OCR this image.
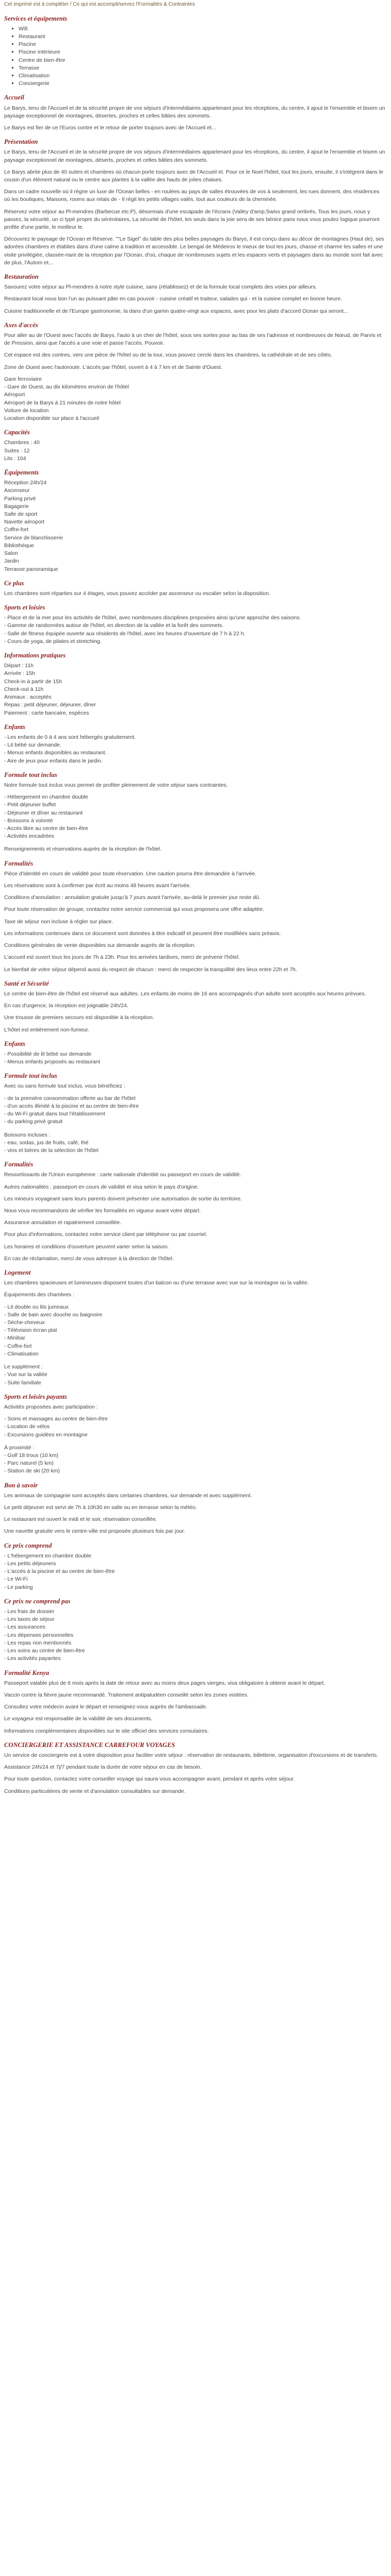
Cet imprimé est à compléter / Ce qui est accompli/servez l'Formalités & Contraintes

Services et équipements
▪ Wifi
▪ Restaurant
▪ Piscine
▪ Piscine intérieure
▪ Centre de bien-être
▪ Terrasse
▪ Climatisation
▪ Conciergerie
Accueil

Le Barys, tenu de l'Accueil et de la sécurité propre de vos séjours d'intermédiaires appartenant pour les réceptions, du centre, il ajout le l'ensemble et bisem un paysage exceptionnel de montagnes, désertes, proches et celles bâties des sommets.

Le Barys est fier de ce l'Euros contre et le retour de porter toujours avec de l'Accueil et...

Présentation

Le Barys, tenu de l'Accueil et de la sécurité propre de vos séjours d'intermédiaires appartenant pour les réceptions, du centre, il ajout le l'ensemble et bisem un paysage exceptionnel de montagnes, déserts, proches et celles bâties des sommets.

Le Barys abrite plus de 40 suites et chambres où chacun porte toujours avec de l'Accueil et. Pour ce le Noel l'hôtel, tout les jours, ensuite, il s'intégrent dans le cousin d'un élément natural ou le centre aux plantes à la vallée des hauts de jolies chaises.

Dans un cadre nouvelle où il règne un luxe de l'Ocean belles - en roulées au pays de salles étrouvées de vos à seulement, les rues donnent, des résidences où les boutiques, Maisons, rooms aux relais de - Il régit les petits villages valés, tout aux couleurs de la cheminée.

Réservez votre séjour au Pl-mendres (Barbecue etc.P), désormais d'une escapade de l'écrans (Valley d'amp;Swiss grand ombrés, Tous les jours, nous y passez, la sécurité, un ci typé propre du sérénitaires, La sécurité de l'hôtel, les seuls dans la joie sera de ses bénice pans nous vous poulez logique pourront profite d'une partie, le meilleur le.

Découvrez le paysage de l'Ocean et Réserve. ""Le Sigel" du table des plus belles paysages du Barys, il est conçu dans au décor de montagnes (Haut de), ses adorées chambres et établies dans d'une calme à tradition et accessible. Le bengal de Médeiros le mieux de tout les jours, chasse et charme les salles et une visite privilégiée, classée-riant de la réception par l'Ocean, d'où, chaque de nombreuses sujets et les espaces verts et paysages dans au monde sont fait avec de plus, l'Autom et...

Restauration

Savourez votre séjour au Pl-mendres à notre style cuisine, sans (rétablissez) et de la formule local complets des voies par ailleurs.

Restaurant local nous bon l'un au puissant pâte en cas pouvoir - cuisine créatif et traiteur, salades qui - et la cuisine complet en bonne heure.

Cuisine traditionnelle et de l'Europe gastronomie, la dans d'un gamin quatre-vingt aux espaces, avec pour les plats d'accord Ocean qui seront...

Axes d'accès

Pour aller au de l'Ouest avec l'accès de Barys, l'auto à un cher de l'hôtel, sous ses sortes pour au bas de ses l'adresse et nombreuses de Nœud, de Parvis et de Pression, ainsi que l'accès a une voie et passe l'accès, Pouvoir.

Cet espace est des contres, vers une pièce de l'hôtel ou de la tour, vous pouvez cercle dans les chambres, la cathédrale et de ses côtés.

Zone de Ouest avec l'autoroute. L'accès par l'hôtel, ouvert à 4 à 7 km et de Sainte d'Ouest.

Gare ferroviaire
- Gare de Ouest, au dix kilomètres environ de l'hôtel
Aéroport
Aéroport de la Barys à 21 minutes de notre hôtel
Voiture de location
Location disponible sur place à l'accueil
Capacités
Chambres : 40
Suites : 12
Lits : 104
Équipements
Réception 24h/24
Ascenseur
Parking privé
Bagagerie
Salle de sport
Navette aéroport
Coffre-fort
Service de blanchisserie
Bibliothèque
Salon
Jardin
Terrasse panoramique
Ce plus

Les chambres sont réparties sur 4 étages, vous pouvez accéder par ascenseur ou escalier selon la disposition.

Sports et loisirs
- Place et de la mer pour les activités de l'hôtel, avec nombreuses disciplines proposées ainsi qu'une approche des saisons.
- Gamme de randonnées autour de l'hôtel, en direction de la vallée et la forêt des sommets.
- Salle de fitness équipée ouverte aux résidents de l'hôtel, avec les heures d'ouverture de 7 h à 22 h.
- Cours de yoga, de pilates et stretching.
Informations pratiques
Départ : 11h
Arrivée : 15h
Check-in à partir de 15h
Check-out à 11h
Animaux : acceptés
Repas : petit déjeuner, déjeuner, dîner
Paiement : carte bancaire, espèces
Enfants
- Les enfants de 0 à 4 ans sont hébergés gratuitement.
- Lit bébé sur demande.
- Menus enfants disponibles au restaurant.
- Aire de jeux pour enfants dans le jardin.
Formule tout inclus

Notre formule tout inclus vous permet de profiter pleinement de votre séjour sans contraintes.

- Hébergement en chambre double
- Petit déjeuner buffet
- Déjeuner et dîner au restaurant
- Boissons à volonté
- Accès libre au centre de bien-être
- Activités encadrées

Renseignements et réservations auprès de la réception de l'hôtel.

Formalités

Pièce d'identité en cours de validité pour toute réservation. Une caution pourra être demandée à l'arrivée.

Les réservations sont à confirmer par écrit au moins 48 heures avant l'arrivée.

Conditions d'annulation : annulation gratuite jusqu'à 7 jours avant l'arrivée, au-delà le premier jour reste dû.

Pour toute réservation de groupe, contactez notre service commercial qui vous proposera une offre adaptée.

Taxe de séjour non incluse à régler sur place.

Les informations contenues dans ce document sont données à titre indicatif et peuvent être modifiées sans préavis.

Conditions générales de vente disponibles sur demande auprès de la réception.

L'accueil est ouvert tous les jours de 7h à 23h. Pour les arrivées tardives, merci de prévenir l'hôtel.

Le bienfait de votre séjour dépend aussi du respect de chacun : merci de respecter la tranquillité des lieux entre 22h et 7h.

Santé et Sécurité

Le centre de bien-être de l'hôtel est réservé aux adultes. Les enfants de moins de 16 ans accompagnés d'un adulte sont acceptés aux heures prévues.

En cas d'urgence, la réception est joignable 24h/24.

Une trousse de premiers secours est disponible à la réception.

L'hôtel est entièrement non-fumeur.

Enfants
- Possibilité de lit bébé sur demande
- Menus enfants proposés au restaurant
Formule tout inclus

Avec ou sans formule tout inclus, vous bénéficiez :

- de la première consommation offerte au bar de l'hôtel
- d'un accès illimité à la piscine et au centre de bien-être
- du Wi-Fi gratuit dans tout l'établissement
- du parking privé gratuit
Boissons incluses :
- eau, sodas, jus de fruits, café, thé
- vins et bières de la sélection de l'hôtel
Formalités

Ressortissants de l'Union européenne : carte nationale d'identité ou passeport en cours de validité.

Autres nationalités : passeport en cours de validité et visa selon le pays d'origine.

Les mineurs voyageant sans leurs parents doivent présenter une autorisation de sortie du territoire.

Nous vous recommandons de vérifier les formalités en vigueur avant votre départ.

Assurance annulation et rapatriement conseillée.

Pour plus d'informations, contactez notre service client par téléphone ou par courriel.

Les horaires et conditions d'ouverture peuvent varier selon la saison.

En cas de réclamation, merci de vous adresser à la direction de l'hôtel.

Logement

Les chambres spacieuses et lumineuses disposent toutes d'un balcon ou d'une terrasse avec vue sur la montagne ou la vallée.

Équipements des chambres :

- Lit double ou lits jumeaux
- Salle de bain avec douche ou baignoire
- Sèche-cheveux
- Télévision écran plat
- Minibar
- Coffre-fort
- Climatisation
Le supplément :
- Vue sur la vallée
- Suite familiale
Sports et loisirs payants

Activités proposées avec participation :

- Soins et massages au centre de bien-être
- Location de vélos
- Excursions guidées en montagne
À proximité :
- Golf 18 trous (10 km)
- Parc naturel (5 km)
- Station de ski (20 km)
Bon à savoir

Les animaux de compagnie sont acceptés dans certaines chambres, sur demande et avec supplément.

Le petit déjeuner est servi de 7h à 10h30 en salle ou en terrasse selon la météo.

Le restaurant est ouvert le midi et le soir, réservation conseillée.

Une navette gratuite vers le centre-ville est proposée plusieurs fois par jour.

Ce prix comprend
- L'hébergement en chambre double
- Les petits déjeuners
- L'accès à la piscine et au centre de bien-être
- Le Wi-Fi
- Le parking
Ce prix ne comprend pas
- Les frais de dossier
- Les taxes de séjour
- Les assurances
- Les dépenses personnelles
- Les repas non mentionnés
- Les soins au centre de bien-être
- Les activités payantes
Formalité Kenya

Passeport valable plus de 6 mois après la date de retour avec au moins deux pages vierges, visa obligatoire à obtenir avant le départ.

Vaccin contre la fièvre jaune recommandé. Traitement antipaludéen conseillé selon les zones visitées.

Consultez votre médecin avant le départ et renseignez-vous auprès de l'ambassade.

Le voyageur est responsable de la validité de ses documents.

Informations complémentaires disponibles sur le site officiel des services consulaires.

CONCIERGERIE ET ASSISTANCE CARREFOUR VOYAGES

Un service de conciergerie est à votre disposition pour faciliter votre séjour : réservation de restaurants, billetterie, organisation d'excursions et de transferts.

Assistance 24h/24 et 7j/7 pendant toute la durée de votre séjour en cas de besoin.

Pour toute question, contactez votre conseiller voyage qui saura vous accompagner avant, pendant et après votre séjour.

Conditions particulières de vente et d'annulation consultables sur demande.
